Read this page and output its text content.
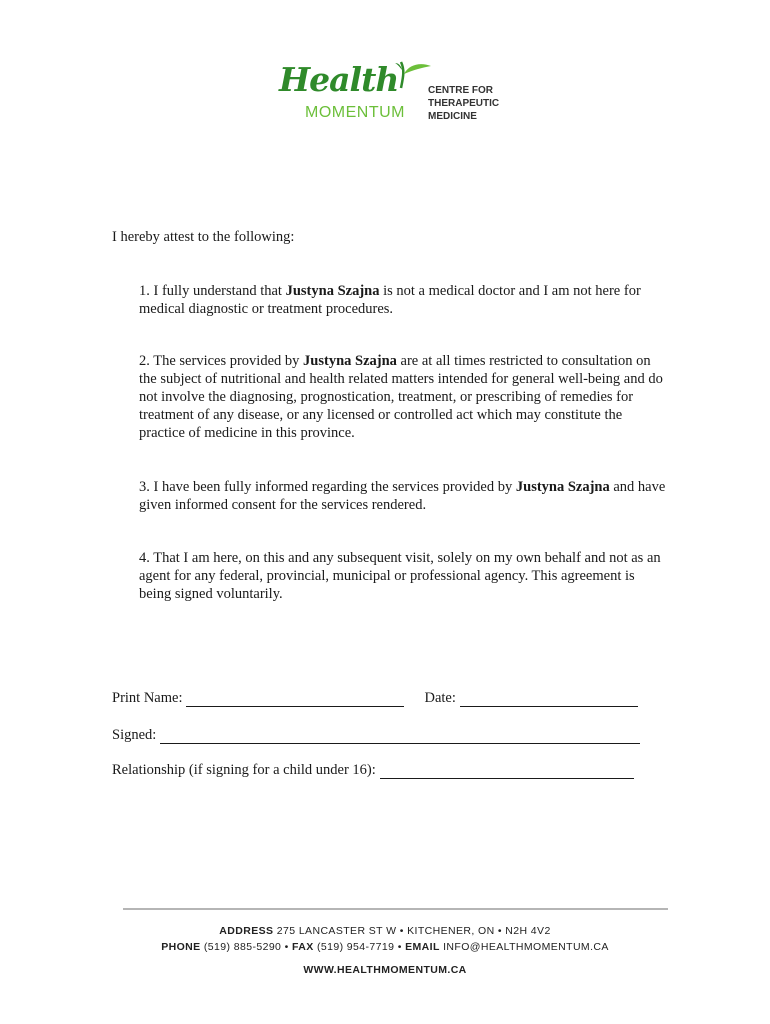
Health
MOMENTUM
CENTRE FOR
THERAPEUTIC
MEDICINE
I hereby attest to the following:
1. I fully understand that Justyna Szajna is not a medical doctor and I am not here for medical diagnostic or treatment procedures.
2. The services provided by Justyna Szajna are at all times restricted to consultation on the subject of nutritional and health related matters intended for general well-being and do not involve the diagnosing, prognostication, treatment, or prescribing of remedies for treatment of any disease, or any licensed or controlled act which may constitute the practice of medicine in this province.
3. I have been fully informed regarding the services provided by Justyna Szajna and have given informed consent for the services rendered.
4. That I am here, on this and any subsequent visit, solely on my own behalf and not as an agent for any federal, provincial, municipal or professional agency. This agreement is being signed voluntarily.
Print Name:	Date:
Signed:
Relationship (if signing for a child under 16):
ADDRESS 275 LANCASTER ST W • KITCHENER, ON • N2H 4V2
PHONE (519) 885-5290 • FAX (519) 954-7719 • EMAIL INFO@HEALTHMOMENTUM.CA
WWW.HEALTHMOMENTUM.CA
